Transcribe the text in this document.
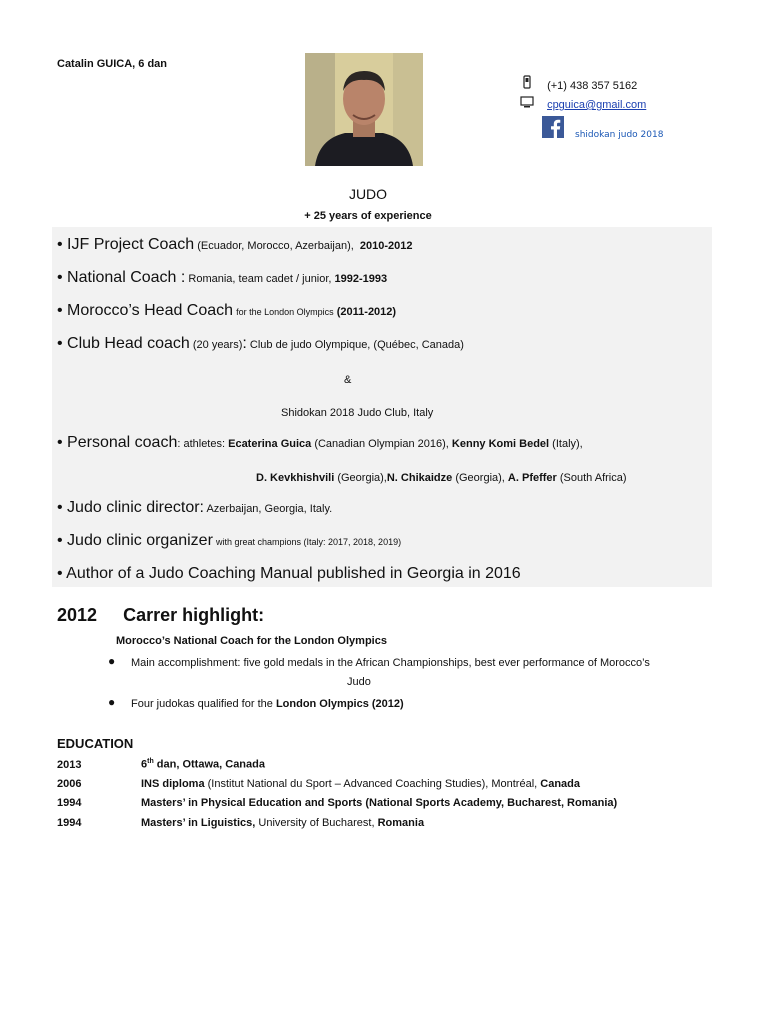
Catalin GUICA, 6 dan
(+1) 438 357 5162
cpguica@gmail.com
shidokan judo 2018
JUDO
+ 25 years of experience
• IJF Project Coach (Ecuador, Morocco, Azerbaijan), 2010-2012
• National Coach : Romania, team cadet / junior, 1992-1993
• Morocco’s Head Coach for the London Olympics (2011-2012)
• Club Head coach (20 years): Club de judo Olympique, (Québec, Canada)
&
Shidokan 2018 Judo Club, Italy
• Personal coach: athletes: Ecaterina Guica (Canadian Olympian 2016), Kenny Komi Bedel (Italy),
D. Kevkhishvili (Georgia),N. Chikaidze (Georgia), A. Pfeffer (South Africa)
• Judo clinic director: Azerbaijan, Georgia, Italy.
• Judo clinic organizer with great champions (Italy: 2017, 2018, 2019)
• Author of a Judo Coaching Manual published in Georgia in 2016
2012 Carrer highlight:
Morocco’s National Coach for the London Olympics
● Main accomplishment: five gold medals in the African Championships, best ever performance of Morocco’s
Judo
● Four judokas qualified for the London Olympics (2012)
EDUCATION
2013	6th dan, Ottawa, Canada
2006	INS diploma (Institut National du Sport – Advanced Coaching Studies), Montréal, Canada
1994	Masters’ in Physical Education and Sports (National Sports Academy, Bucharest, Romania)
1994	Masters’ in Liguistics, University of Bucharest, Romania
